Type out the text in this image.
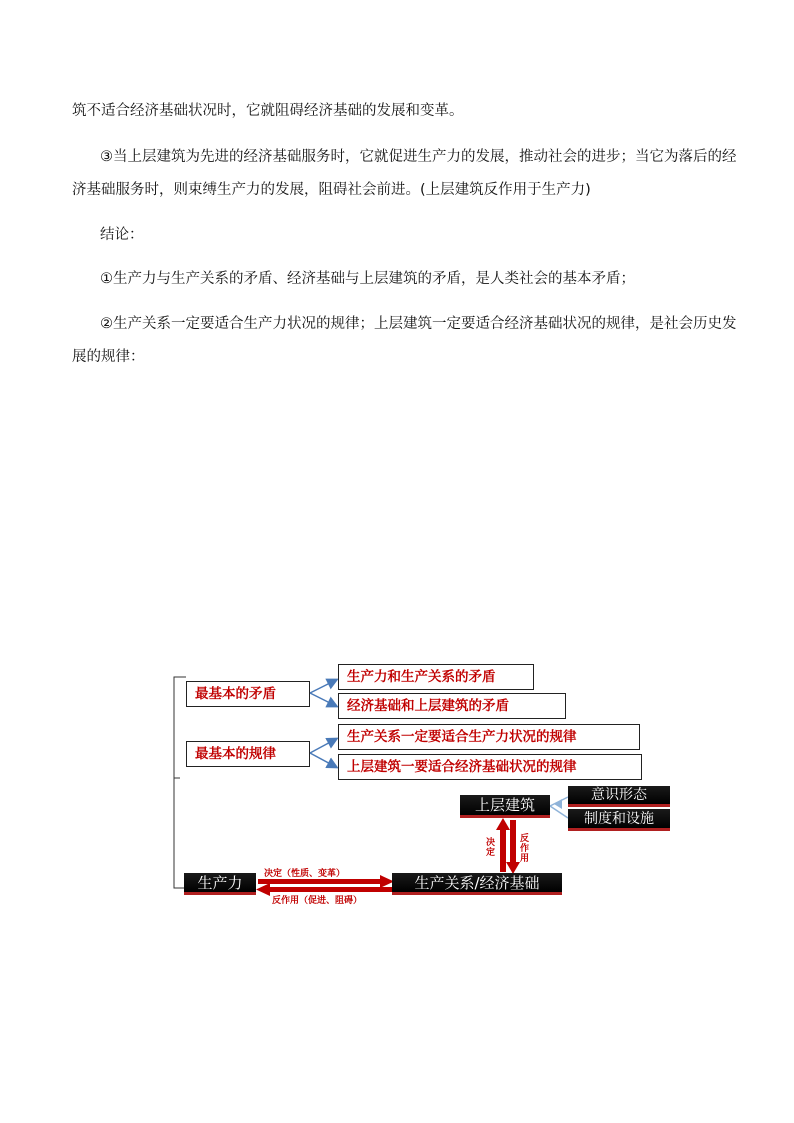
筑不适合经济基础状况时，它就阻碍经济基础的发展和变革。
③当上层建筑为先进的经济基础服务时，它就促进生产力的发展，推动社会的进步；当它为落后的经
济基础服务时，则束缚生产力的发展，阻碍社会前进。(上层建筑反作用于生产力)
结论：
①生产力与生产关系的矛盾、经济基础与上层建筑的矛盾，是人类社会的基本矛盾；
②生产关系一定要适合生产力状况的规律；上层建筑一定要适合经济基础状况的规律，是社会历史发
展的规律：
最基本的矛盾
最基本的规律
生产力和生产关系的矛盾
经济基础和上层建筑的矛盾
生产关系一定要适合生产力状况的规律
上层建筑一要适合经济基础状况的规律
上层建筑
意识形态
制度和设施
决定
反作用
生产力	生产关系/经济基础
决定（性质、变革）
反作用（促进、阻碍）
